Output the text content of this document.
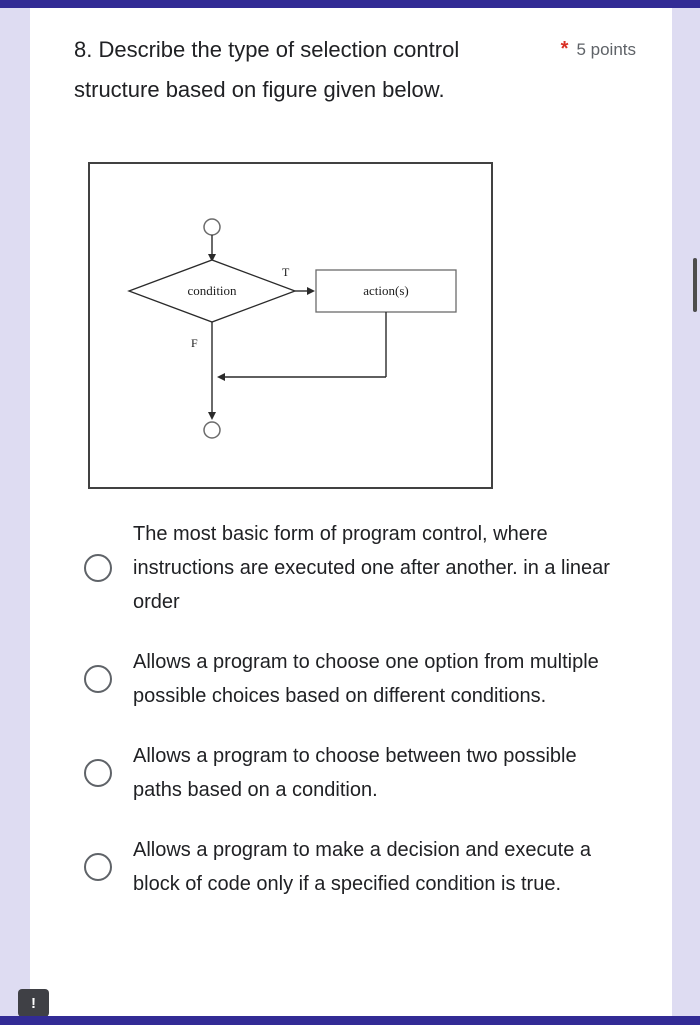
8. Describe the type of selection control structure based on figure given below.
* 5 points
condition
T
action(s)
F
The most basic form of program control, where instructions are executed one after another. in a linear order
Allows a program to choose one option from multiple possible choices based on different conditions.
Allows a program to choose between two possible paths based on a condition.
Allows a program to make a decision and execute a block of code only if a specified condition is true.
!
